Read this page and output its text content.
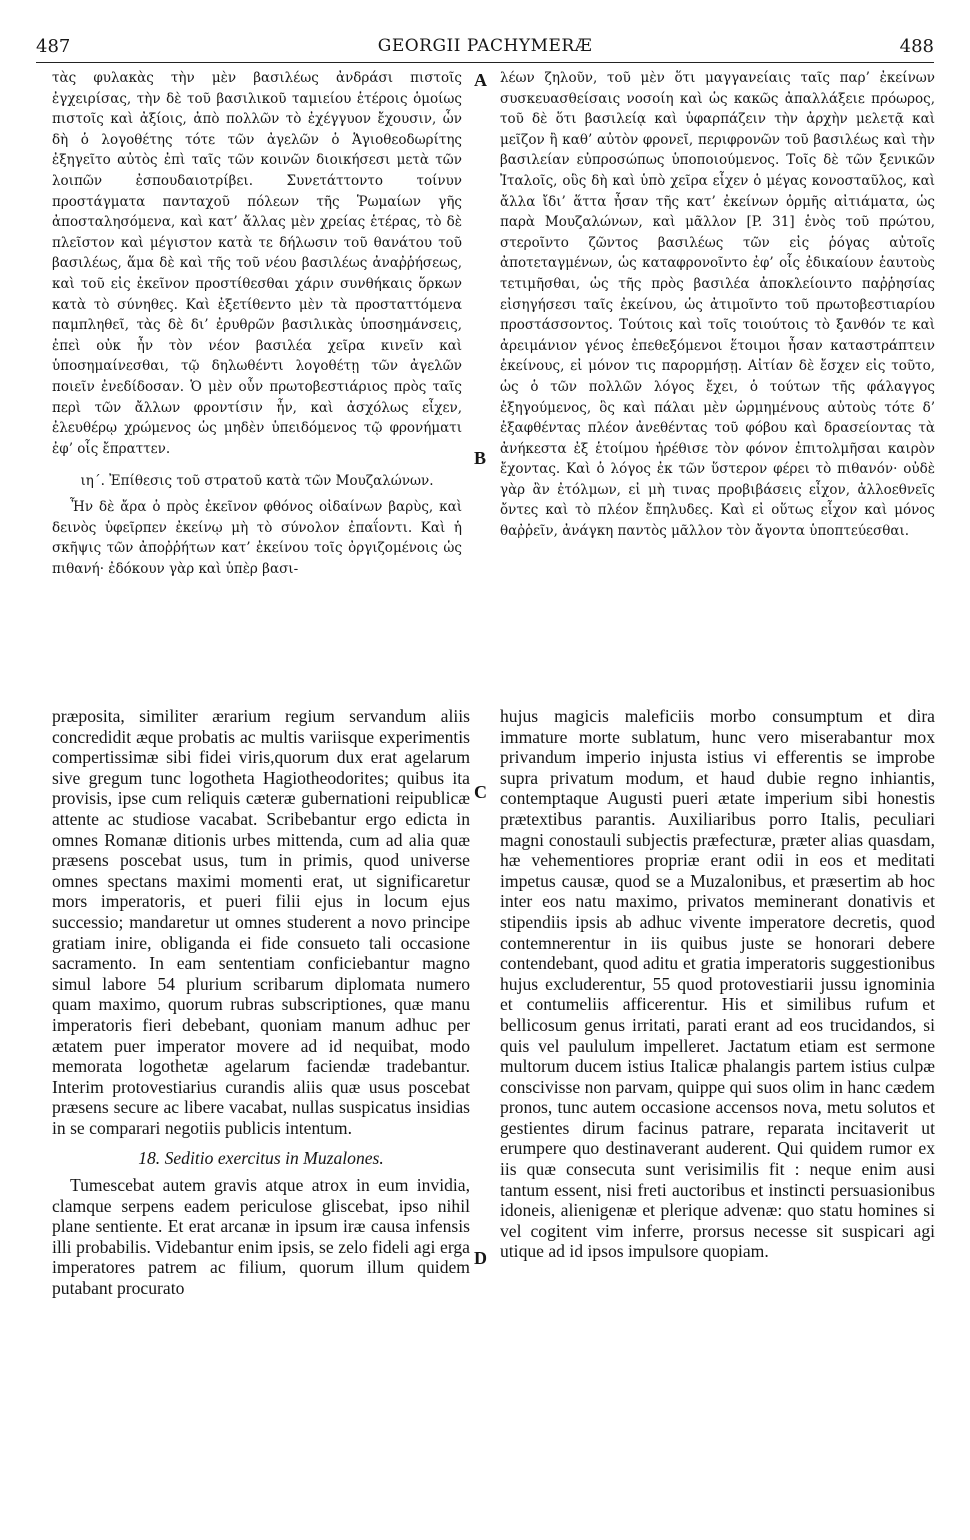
487	GEORGII PACHYMERÆ	488
A
B
C
D

τὰς φυλακὰς τὴν μὲν βασιλέως ἀνδράσι πιστοῖς ἐγχειρίσας, τὴν δὲ τοῦ βασιλικοῦ ταμιείου ἑτέροις ὁμοίως πιστοῖς καὶ ἀξίοις, ἀπὸ πολλῶν τὸ ἐχέγγυον ἔχουσιν, ὧν δὴ ὁ λογοθέτης τότε τῶν ἀγελῶν ὁ Ἁγιοθεοδωρίτης ἐξηγεῖτο αὐτὸς ἐπὶ ταῖς τῶν κοινῶν διοικήσεσι μετὰ τῶν λοιπῶν ἐσπουδαιοτρίβει. Συνετάττοντο τοίνυν προστάγματα πανταχοῦ πόλεων τῆς Ῥωμαίων γῆς ἀποσταλησόμενα, καὶ κατ’ ἄλλας μὲν χρείας ἑτέρας, τὸ δὲ πλεῖστον καὶ μέγιστον κατὰ τε δήλωσιν τοῦ θανάτου τοῦ βασιλέως, ἅμα δὲ καὶ τῆς τοῦ νέου βασιλέως ἀναῤῥήσεως, καὶ τοῦ εἰς ἐκεῖνον προστίθεσθαι χάριν συνθήκαις ὅρκων κατὰ τὸ σύνηθες. Καὶ ἐξετίθεντο μὲν τὰ προσταττόμενα παμπληθεῖ, τὰς δὲ δι’ ἐρυθρῶν βασιλικὰς ὑποσημάνσεις, ἐπεὶ οὐκ ἦν τὸν νέον βασιλέα χεῖρα κινεῖν καὶ ὑποσημαίνεσθαι, τῷ δηλωθέντι λογοθέτῃ τῶν ἀγελῶν ποιεῖν ἐνεδίδοσαν. Ὁ μὲν οὖν πρωτοβεστιάριος πρὸς ταῖς περὶ τῶν ἄλλων φροντίσιν ἦν, καὶ ἀσχόλως εἶχεν, ἐλευθέρῳ χρώμενος ὡς μηδὲν ὑπειδόμενος τῷ φρονήματι ἐφ’ οἷς ἔπραττεν.

ιη΄. Ἐπίθεσις τοῦ στρατοῦ κατὰ τῶν Μουζαλώνων.

Ἦν δὲ ἄρα ὁ πρὸς ἐκεῖνον φθόνος οἰδαίνων βαρὺς, καὶ δεινὸς ὑφεῖρπεν ἐκείνῳ μὴ τὸ σύνολον ἐπαΐοντι. Καὶ ἡ σκῆψις τῶν ἀποῤῥήτων κατ’ ἐκείνου τοῖς ὀργιζομένοις ὡς πιθανή· ἐδόκουν γὰρ καὶ ὑπὲρ βασι-

λέων ζηλοῦν, τοῦ μὲν ὅτι μαγγανείαις ταῖς παρ’ ἐκείνων συσκευασθείσαις νοσοίη καὶ ὡς κακῶς ἀπαλλάξειε πρόωρος, τοῦ δὲ ὅτι βασιλείᾳ καὶ ὑφαρπάζειν τὴν ἀρχὴν μελετᾷ καὶ μεῖζον ἢ καθ’ αὐτὸν φρονεῖ, περιφρονῶν τοῦ βασιλέως καὶ τὴν βασιλείαν εὐπροσώπως ὑποποιούμενος. Τοῖς δὲ τῶν ξενικῶν Ἰταλοῖς, οὓς δὴ καὶ ὑπὸ χεῖρα εἶχεν ὁ μέγας κονοσταῦλος, καὶ ἄλλα ἴδι’ ἅττα ἦσαν τῆς κατ’ ἐκείνων ὁρμῆς αἰτιάματα, ὡς παρὰ Μουζαλώνων, καὶ μᾶλλον [P. 31] ἑνὸς τοῦ πρώτου, στεροῖντο ζῶντος βασιλέως τῶν εἰς ῥόγας αὐτοῖς ἀποτεταγμένων, ὡς καταφρονοῖντο ἐφ’ οἷς ἐδικαίουν ἑαυτοὺς τετιμῆσθαι, ὡς τῆς πρὸς βασιλέα ἀποκλείοιντο παῤῥησίας εἰσηγήσεσι ταῖς ἐκείνου, ὡς ἀτιμοῖντο τοῦ πρωτοβεστιαρίου προστάσσοντος. Τούτοις καὶ τοῖς τοιούτοις τὸ ξανθόν τε καὶ ἀρειμάνιον γένος ἐπεθεξόμενοι ἕτοιμοι ἦσαν καταστράπτειν ἐκείνους, εἰ μόνον τις παρορμήσῃ. Αἰτίαν δὲ ἔσχεν εἰς τοῦτο, ὡς ὁ τῶν πολλῶν λόγος ἔχει, ὁ τούτων τῆς φάλαγγος ἐξηγούμενος, ὃς καὶ πάλαι μὲν ὡρμημένους αὐτοὺς τότε δ’ ἐξαφθέντας πλέον ἀνεθέντας τοῦ φόβου καὶ δρασείοντας τὰ ἀνήκεστα ἐξ ἑτοίμου ἠρέθισε τὸν φόνον ἐπιτολμῆσαι καιρὸν ἔχοντας. Καὶ ὁ λόγος ἐκ τῶν ὕστερον φέρει τὸ πιθανόν· οὐδὲ γὰρ ἂν ἐτόλμων, εἰ μὴ τινας προβιβάσεις εἶχον, ἀλλοεθνεῖς ὄντες καὶ τὸ πλέον ἔπηλυδες. Καὶ εἰ οὕτως εἶχον καὶ μόνος θαῤῥεῖν, ἀνάγκη παντὸς μᾶλλον τὸν ἄγοντα ὑποπτεύεσθαι.

præposita, similiter ærarium regium servandum aliis concredidit æque probatis ac multis variisque experimentis compertissimæ sibi fidei viris,quorum dux erat agelarum sive gregum tunc logotheta Hagiotheodorites; quibus ita provisis, ipse cum reliquis cæteræ gubernationi reipublicæ attente ac studiose vacabat. Scribebantur ergo edicta in omnes Romanæ ditionis urbes mittenda, cum ad alia quæ præsens poscebat usus, tum in primis, quod universe omnes spectans maximi momenti erat, ut significaretur mors imperatoris, et pueri filii ejus in locum ejus successio; mandaretur ut omnes studerent a novo principe gratiam inire, obliganda ei fide consueto tali occasione sacramento. In eam sententiam conficiebantur magno simul labore 54 plurium scribarum diplomata numero quam maximo, quorum rubras subscriptiones, quæ manu imperatoris fieri debebant, quoniam manum adhuc per ætatem puer imperator movere ad id nequibat, modo memorata logothetæ agelarum faciendæ tradebantur. Interim protovestiarius curandis aliis quæ usus poscebat præsens secure ac libere vacabat, nullas suspicatus insidias in se comparari negotiis publicis intentum.

18. Seditio exercitus in Muzalones.

Tumescebat autem gravis atque atrox in eum invidia, clamque serpens eadem periculose gliscebat, ipso nihil plane sentiente. Et erat arcanæ in ipsum iræ causa infensis illi probabilis. Videbantur enim ipsis, se zelo fideli agi erga imperatores patrem ac filium, quorum illum quidem putabant procurato

hujus magicis maleficiis morbo consumptum et dira immature morte sublatum, hunc vero miserabantur mox privandum imperio injusta istius vi efferentis se improbe supra privatum modum, et haud dubie regno inhiantis, contemptaque Augusti pueri ætate imperium sibi honestis prætextibus parantis. Auxiliaribus porro Italis, peculiari magni conostauli subjectis præfecturæ, præter alias quasdam, hæ vehementiores propriæ erant odii in eos et meditati impetus causæ, quod se a Muzalonibus, et præsertim ab hoc inter eos natu maximo, privatos meminerant donativis et stipendiis ipsis ab adhuc vivente imperatore decretis, quod contemnerentur in iis quibus juste se honorari debere contendebant, quod aditu et gratia imperatoris suggestionibus hujus excluderentur, 55 quod protovestiarii jussu ignominia et contumeliis afficerentur. His et similibus rufum et bellicosum genus irritati, parati erant ad eos trucidandos, si quis vel paululum impelleret. Jactatum etiam est sermone multorum ducem istius Italicæ phalangis partem istius culpæ conscivisse non parvam, quippe qui suos olim in hanc cædem pronos, tunc autem occasione accensos nova, metu solutos et gestientes dirum facinus patrare, reparata incitaverit ut erumpere quo destinaverant auderent. Qui quidem rumor ex iis quæ consecuta sunt verisimilis fit : neque enim ausi tantum essent, nisi freti auctoribus et instincti persuasionibus idoneis, alienigenæ et plerique advenæ: quo statu homines si vel cogitent vim inferre, prorsus necesse sit suspicari agi utique ad id ipsos impulsore quopiam.
